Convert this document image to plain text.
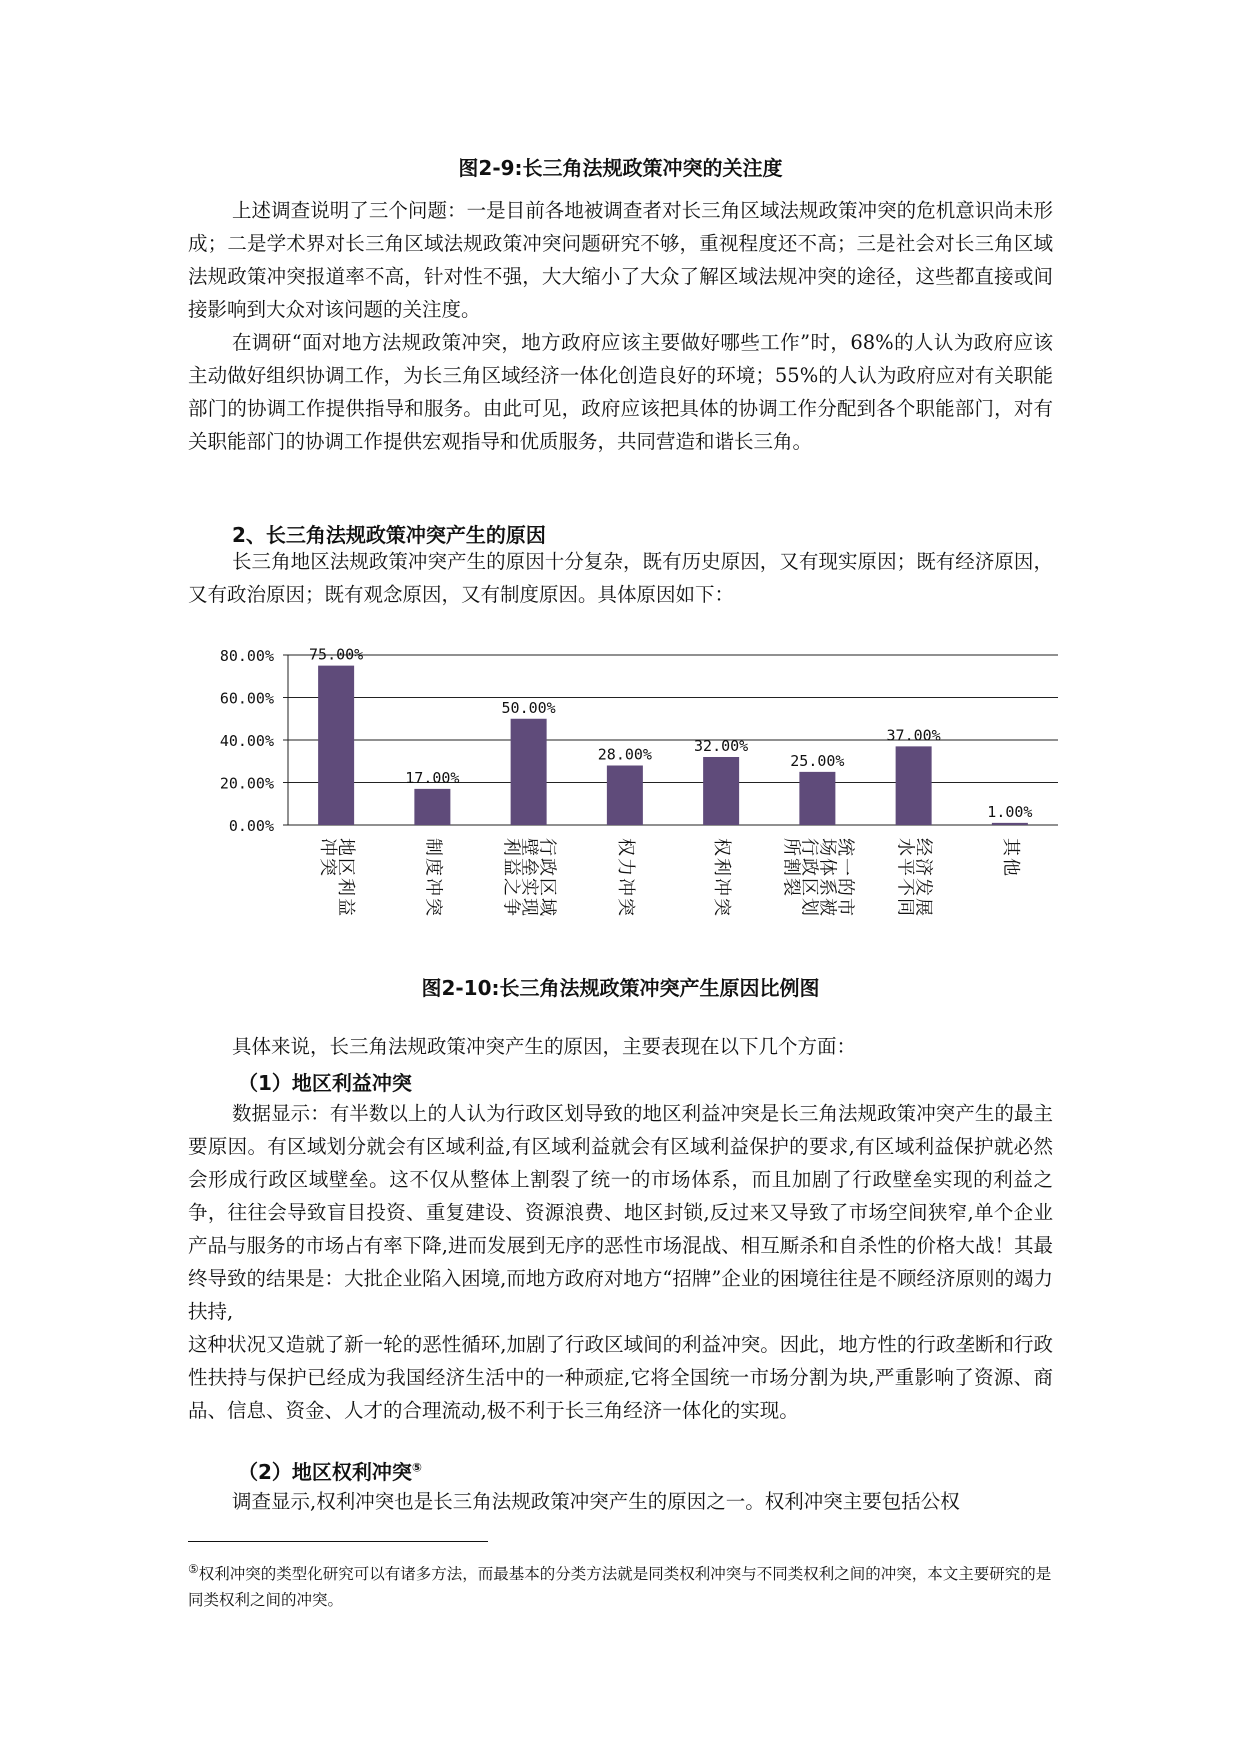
图2-9:长三角法规政策冲突的关注度

上述调查说明了三个问题：一是目前各地被调查者对长三角区域法规政策冲突的危机意识尚未形成；二是学术界对长三角区域法规政策冲突问题研究不够，重视程度还不高；三是社会对长三角区域法规政策冲突报道率不高，针对性不强，大大缩小了大众了解区域法规冲突的途径，这些都直接或间接影响到大众对该问题的关注度。

在调研“面对地方法规政策冲突，地方政府应该主要做好哪些工作”时，68%的人认为政府应该主动做好组织协调工作，为长三角区域经济一体化创造良好的环境；55%的人认为政府应对有关职能部门的协调工作提供指导和服务。由此可见，政府应该把具体的协调工作分配到各个职能部门，对有关职能部门的协调工作提供宏观指导和优质服务，共同营造和谐长三角。

2、长三角法规政策冲突产生的原因

长三角地区法规政策冲突产生的原因十分复杂，既有历史原因，又有现实原因；既有经济原因，又有政治原因；既有观念原因，又有制度原因。具体原因如下：

0.00%
20.00%
40.00%
60.00%
80.00% 75.00%
地
区
利
益
冲
突
17.00%
制
度
冲
突
50.00%
行
政
区
域
壁
垒
实
现
利
益
之
争
28.00%
权
力
冲
突
32.00%
权
利
冲
突
25.00%
统
一
的
市
场
体
系
被
行
政
区
划
所
割
裂
37.00%
经
济
发
展
水
平
不
同
1.00%
其
他
图2-10:长三角法规政策冲突产生原因比例图

具体来说，长三角法规政策冲突产生的原因，主要表现在以下几个方面：

（1）地区利益冲突

数据显示：有半数以上的人认为行政区划导致的地区利益冲突是长三角法规政策冲突产生的最主要原因。有区域划分就会有区域利益,有区域利益就会有区域利益保护的要求,有区域利益保护就必然会形成行政区域壁垒。这不仅从整体上割裂了统一的市场体系，而且加剧了行政壁垒实现的利益之争，往往会导致盲目投资、重复建设、资源浪费、地区封锁,反过来又导致了市场空间狭窄,单个企业产品与服务的市场占有率下降,进而发展到无序的恶性市场混战、相互厮杀和自杀性的价格大战！其最终导致的结果是：大批企业陷入困境,而地方政府对地方“招牌”企业的困境往往是不顾经济原则的竭力扶持,

这种状况又造就了新一轮的恶性循环,加剧了行政区域间的利益冲突。因此，地方性的行政垄断和行政性扶持与保护已经成为我国经济生活中的一种顽症,它将全国统一市场分割为块,严重影响了资源、商品、信息、资金、人才的合理流动,极不利于长三角经济一体化的实现。

（2）地区权利冲突⑤

调查显示,权利冲突也是长三角法规政策冲突产生的原因之一。权利冲突主要包括公权

⑤权利冲突的类型化研究可以有诸多方法，而最基本的分类方法就是同类权利冲突与不同类权利之间的冲突，本文主要研究的是同类权利之间的冲突。
